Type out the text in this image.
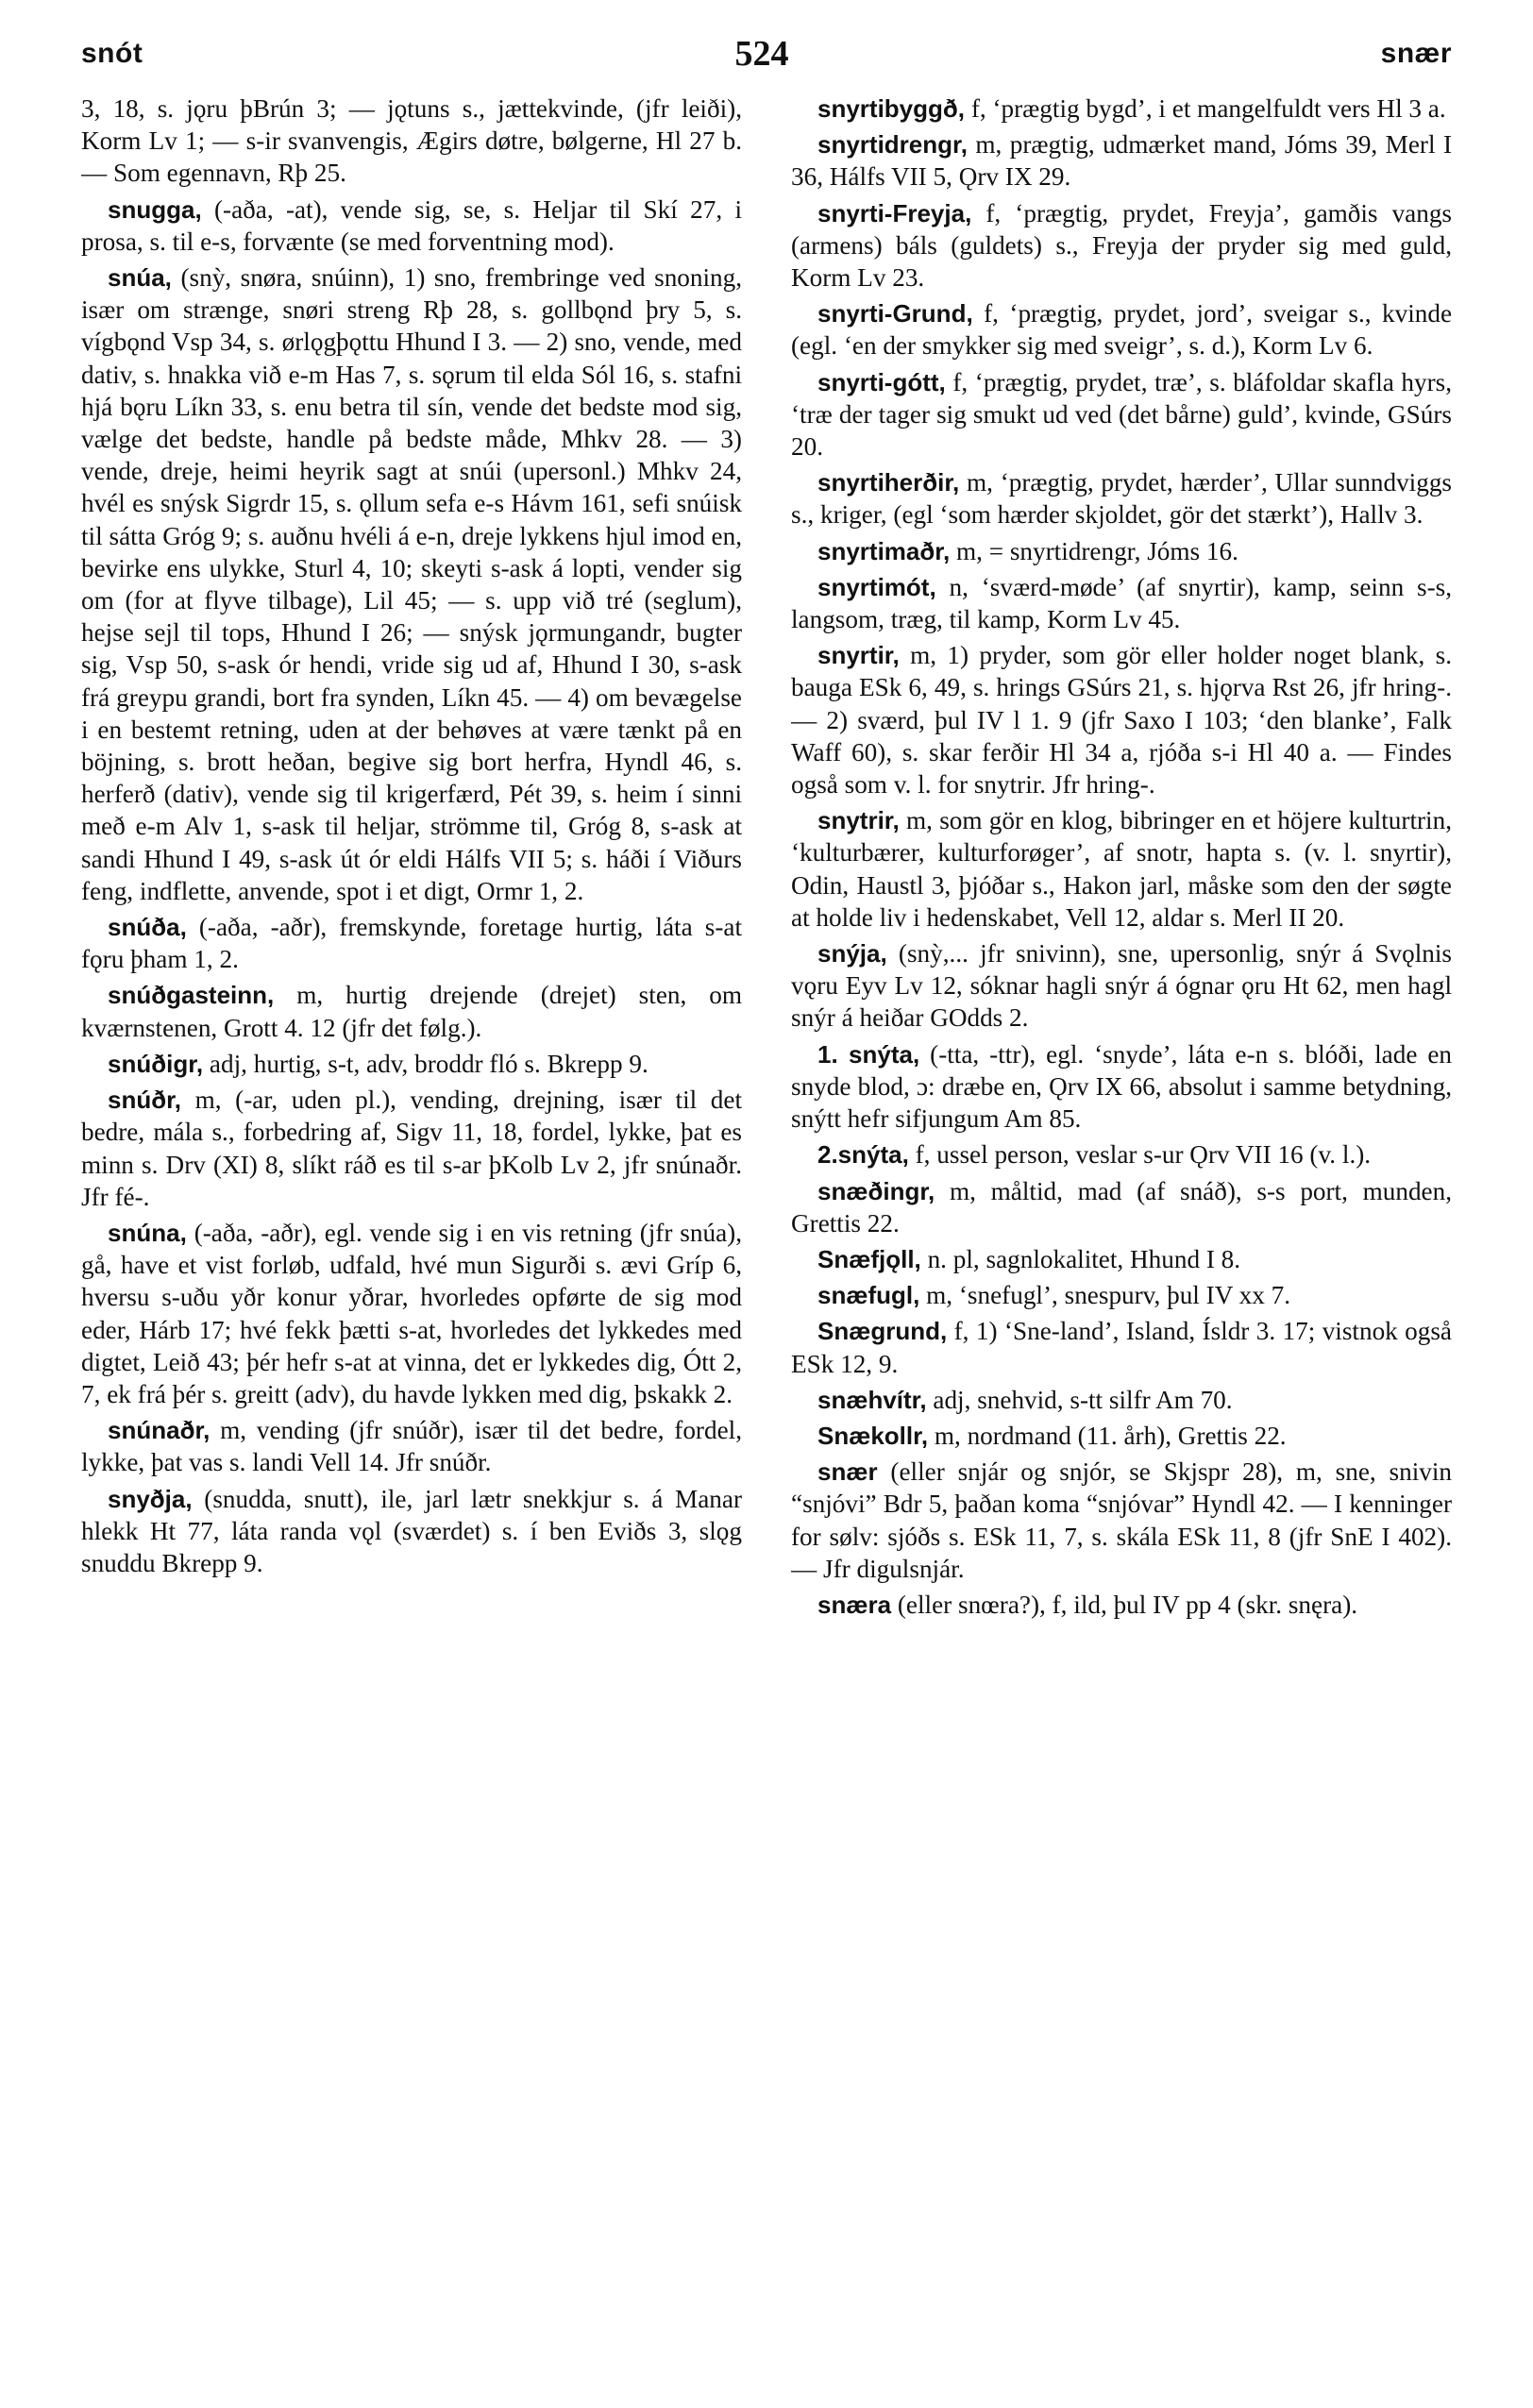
snót	524	snær

3, 18, s. jǫru þBrún 3; — jǫtuns s., jættekvinde, (jfr leiði), Korm Lv 1; — s-ir svanvengis, Ægirs døtre, bølgerne, Hl 27 b. — Som egennavn, Rþ 25.

snugga, (-aða, -at), vende sig, se, s. Heljar til Skí 27, i prosa, s. til e-s, forvænte (se med forventning mod).

snúa, (snỳ, snøra, snúinn), 1) sno, frembringe ved snoning, især om strænge, snøri streng Rþ 28, s. gollbǫnd þry 5, s. vígbǫnd Vsp 34, s. ørlǫgþǫttu Hhund I 3. — 2) sno, vende, med dativ, s. hnakka við e-m Has 7, s. sǫrum til elda Sól 16, s. stafni hjá bǫru Líkn 33, s. enu betra til sín, vende det bedste mod sig, vælge det bedste, handle på bedste måde, Mhkv 28. — 3) vende, dreje, heimi heyrik sagt at snúi (upersonl.) Mhkv 24, hvél es snýsk Sigrdr 15, s. ǫllum sefa e-s Hávm 161, sefi snúisk til sátta Gróg 9; s. auðnu hvéli á e-n, dreje lykkens hjul imod en, bevirke ens ulykke, Sturl 4, 10; skeyti s-ask á lopti, vender sig om (for at flyve tilbage), Lil 45; — s. upp við tré (seglum), hejse sejl til tops, Hhund I 26; — snýsk jǫrmungandr, bugter sig, Vsp 50, s-ask ór hendi, vride sig ud af, Hhund I 30, s-ask frá greypu grandi, bort fra synden, Líkn 45. — 4) om bevægelse i en bestemt retning, uden at der behøves at være tænkt på en böjning, s. brott heðan, begive sig bort herfra, Hyndl 46, s. herferð (dativ), vende sig til krigerfærd, Pét 39, s. heim í sinni með e-m Alv 1, s-ask til heljar, strömme til, Gróg 8, s-ask at sandi Hhund I 49, s-ask út ór eldi Hálfs VII 5; s. háði í Viðurs feng, indflette, anvende, spot i et digt, Ormr 1, 2.

snúða, (-aða, -aðr), fremskynde, foretage hurtig, láta s-at fǫru þham 1, 2.

snúðgasteinn, m, hurtig drejende (drejet) sten, om kværnstenen, Grott 4. 12 (jfr det følg.).

snúðigr, adj, hurtig, s-t, adv, broddr fló s. Bkrepp 9.

snúðr, m, (-ar, uden pl.), vending, drejning, især til det bedre, mála s., forbedring af, Sigv 11, 18, fordel, lykke, þat es minn s. Drv (XI) 8, slíkt ráð es til s-ar þKolb Lv 2, jfr snúnaðr. Jfr fé-.

snúna, (-aða, -aðr), egl. vende sig i en vis retning (jfr snúa), gå, have et vist forløb, udfald, hvé mun Sigurði s. ævi Gríp 6, hversu s-uðu yðr konur yðrar, hvorledes opførte de sig mod eder, Hárb 17; hvé fekk þætti s-at, hvorledes det lykkedes med digtet, Leið 43; þér hefr s-at at vinna, det er lykkedes dig, Ótt 2, 7, ek frá þér s. greitt (adv), du havde lykken med dig, þskakk 2.

snúnaðr, m, vending (jfr snúðr), især til det bedre, fordel, lykke, þat vas s. landi Vell 14. Jfr snúðr.

snyðja, (snudda, snutt), ile, jarl lætr snekkjur s. á Manar hlekk Ht 77, láta randa vǫl (sværdet) s. í ben Eviðs 3, slǫg snuddu Bkrepp 9.

snyrtibyggð, f, ‘prægtig bygd’, i et mangelfuldt vers Hl 3 a.

snyrtidrengr, m, prægtig, udmærket mand, Jóms 39, Merl I 36, Hálfs VII 5, Ǫrv IX 29.

snyrti-Freyja, f, ‘prægtig, prydet, Freyja’, gamðis vangs (armens) báls (guldets) s., Freyja der pryder sig med guld, Korm Lv 23.

snyrti-Grund, f, ‘prægtig, prydet, jord’, sveigar s., kvinde (egl. ‘en der smykker sig med sveigr’, s. d.), Korm Lv 6.

snyrti-gótt, f, ‘prægtig, prydet, træ’, s. bláfoldar skafla hyrs, ‘træ der tager sig smukt ud ved (det bårne) guld’, kvinde, GSúrs 20.

snyrtiherðir, m, ‘prægtig, prydet, hærder’, Ullar sunndviggs s., kriger, (egl ‘som hærder skjoldet, gör det stærkt’), Hallv 3.

snyrtimaðr, m, = snyrtidrengr, Jóms 16.

snyrtimót, n, ‘sværd-møde’ (af snyrtir), kamp, seinn s-s, langsom, træg, til kamp, Korm Lv 45.

snyrtir, m, 1) pryder, som gör eller holder noget blank, s. bauga ESk 6, 49, s. hrings GSúrs 21, s. hjǫrva Rst 26, jfr hring-. — 2) sværd, þul IV l 1. 9 (jfr Saxo I 103; ‘den blanke’, Falk Waff 60), s. skar ferðir Hl 34 a, rjóða s-i Hl 40 a. — Findes også som v. l. for snytrir. Jfr hring-.

snytrir, m, som gör en klog, bibringer en et höjere kulturtrin, ‘kulturbærer, kulturforøger’, af snotr, hapta s. (v. l. snyrtir), Odin, Haustl 3, þjóðar s., Hakon jarl, måske som den der søgte at holde liv i hedenskabet, Vell 12, aldar s. Merl II 20.

snýja, (snỳ,... jfr snivinn), sne, upersonlig, snýr á Svǫlnis vǫru Eyv Lv 12, sóknar hagli snýr á ógnar ǫru Ht 62, men hagl snýr á heiðar GOdds 2.

1. snýta, (-tta, -ttr), egl. ‘snyde’, láta e-n s. blóði, lade en snyde blod, ɔ: dræbe en, Ǫrv IX 66, absolut i samme betydning, snýtt hefr sifjungum Am 85.

2.snýta, f, ussel person, veslar s-ur Ǫrv VII 16 (v. l.).

snæðingr, m, måltid, mad (af snáð), s-s port, munden, Grettis 22.

Snæfjǫll, n. pl, sagnlokalitet, Hhund I 8.

snæfugl, m, ‘snefugl’, snespurv, þul IV xx 7.

Snægrund, f, 1) ‘Sne-land’, Island, Ísldr 3. 17; vistnok også ESk 12, 9.

snæhvítr, adj, snehvid, s-tt silfr Am 70.

Snækollr, m, nordmand (11. årh), Grettis 22.

snær (eller snjár og snjór, se Skjspr 28), m, sne, snivin “snjóvi” Bdr 5, þaðan koma “snjóvar” Hyndl 42. — I kenninger for sølv: sjóðs s. ESk 11, 7, s. skála ESk 11, 8 (jfr SnE I 402). — Jfr digulsnjár.

snæra (eller snœra?), f, ild, þul IV pp 4 (skr. snęra).
